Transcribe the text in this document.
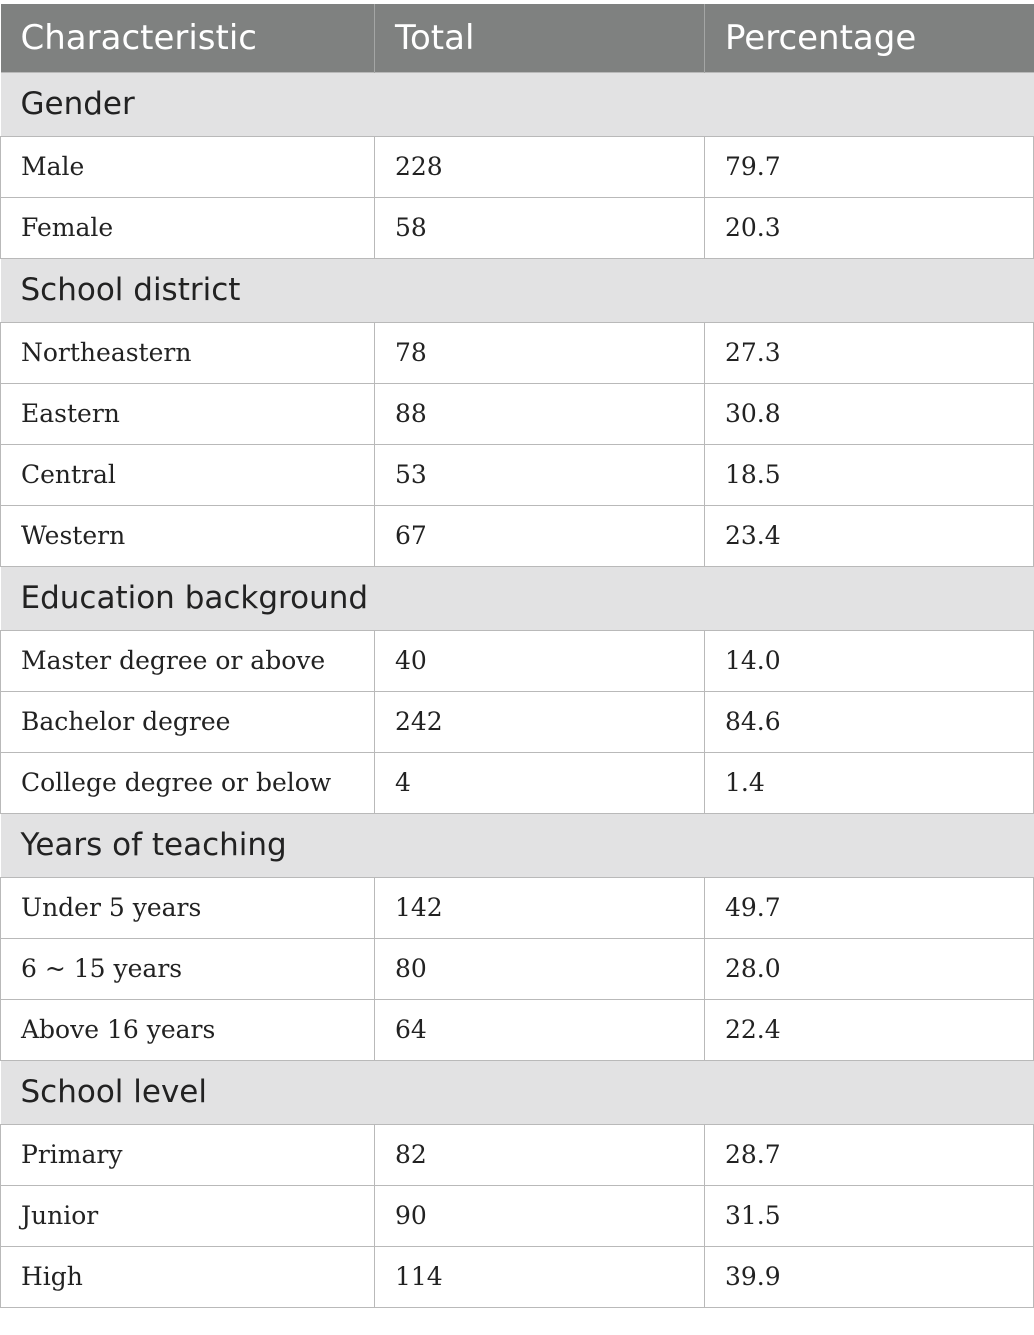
Characteristic	Total	Percentage
Gender		
Male	228	79.7
Female	58	20.3
School district		
Northeastern	78	27.3
Eastern	88	30.8
Central	53	18.5
Western	67	23.4
Education background		
Master degree or above	40	14.0
Bachelor degree	242	84.6
College degree or below	4	1.4
Years of teaching		
Under 5 years	142	49.7
6 ~ 15 years	80	28.0
Above 16 years	64	22.4
School level		
Primary	82	28.7
Junior	90	31.5
High	114	39.9
